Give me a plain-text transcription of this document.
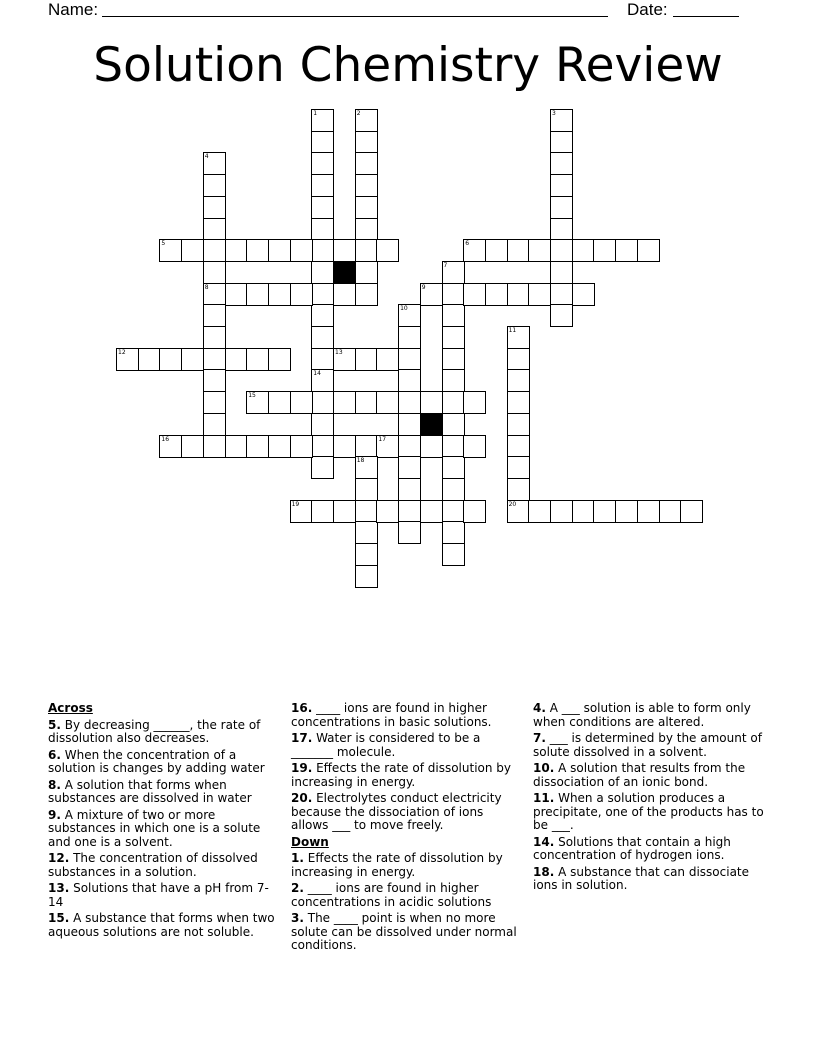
Name:	Date:
Solution Chemistry Review
1	2	3
4
8
5	6
7
9
10
11
12	13
14
15
16	17
18
19	20

Across

5. By decreasing ______, the rate of dissolution also decreases.

6. When the concentration of a solution is changes by adding water

8. A solution that forms when substances are dissolved in water

9. A mixture of two or more substances in which one is a solute and one is a solvent.

12. The concentration of dissolved substances in a solution.

13. Solutions that have a pH from 7-14

15. A substance that forms when two aqueous solutions are not soluble.

16. ____ ions are found in higher concentrations in basic solutions.

17. Water is considered to be a _______ molecule.

19. Effects the rate of dissolution by increasing in energy.

20. Electrolytes conduct electricity because the dissociation of ions allows ___ to move freely.

Down

1. Effects the rate of dissolution by increasing in energy.

2. ____ ions are found in higher concentrations in acidic solutions

3. The ____ point is when no more solute can be dissolved under normal conditions.

4. A ___ solution is able to form only when conditions are altered.

7. ___ is determined by the amount of solute dissolved in a solvent.

10. A solution that results from the dissociation of an ionic bond.

11. When a solution produces a precipitate, one of the products has to be ___.

14. Solutions that contain a high concentration of hydrogen ions.

18. A substance that can dissociate ions in solution.
